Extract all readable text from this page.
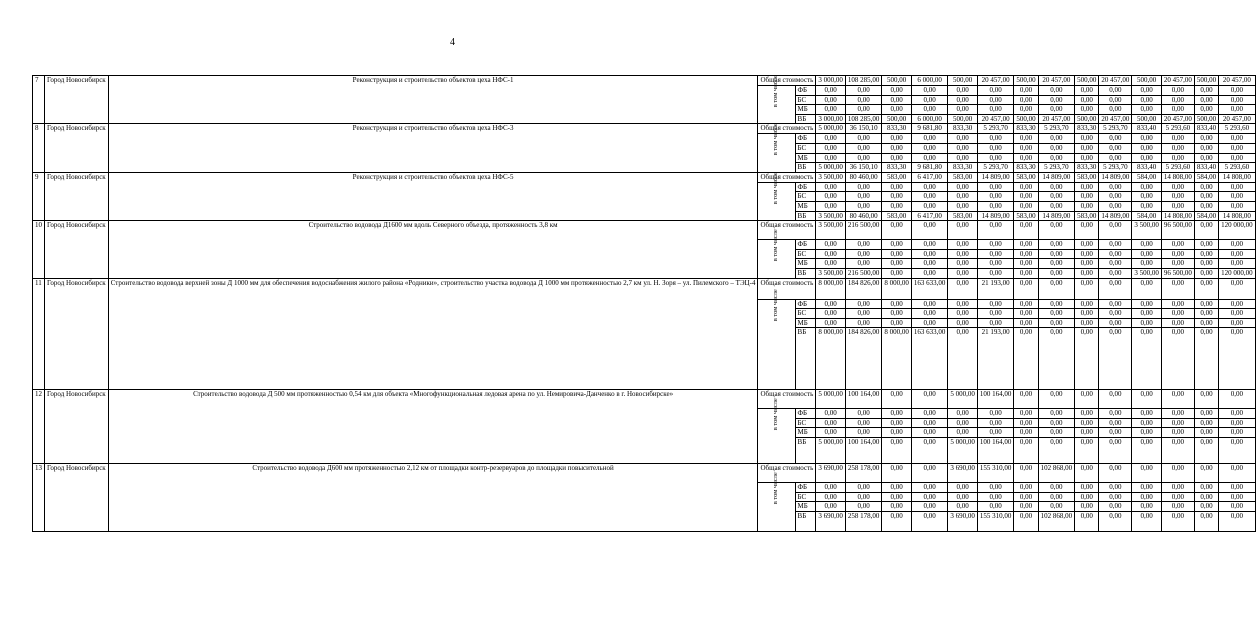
4
7	Город Новосибирск	Реконструкция и строительство объектов цеха НФС-1	Общая стоимость		3 000,00	108 285,00	500,00	6 000,00	500,00	20 457,00	500,00	20 457,00	500,00	20 457,00	500,00	20 457,00	500,00	20 457,00
			в том числе	ФБ	0,00	0,00	0,00	0,00	0,00	0,00	0,00	0,00	0,00	0,00	0,00	0,00	0,00	0,00
				БС	0,00	0,00	0,00	0,00	0,00	0,00	0,00	0,00	0,00	0,00	0,00	0,00	0,00	0,00
				МБ	0,00	0,00	0,00	0,00	0,00	0,00	0,00	0,00	0,00	0,00	0,00	0,00	0,00	0,00
				ВБ	3 000,00	108 285,00	500,00	6 000,00	500,00	20 457,00	500,00	20 457,00	500,00	20 457,00	500,00	20 457,00	500,00	20 457,00
8	Город Новосибирск	Реконструкция и строительство объектов цеха НФС-3	Общая стоимость		5 000,00	36 150,10	833,30	9 681,80	833,30	5 293,70	833,30	5 293,70	833,30	5 293,70	833,40	5 293,60	833,40	5 293,60
			в том числе	ФБ	0,00	0,00	0,00	0,00	0,00	0,00	0,00	0,00	0,00	0,00	0,00	0,00	0,00	0,00
				БС	0,00	0,00	0,00	0,00	0,00	0,00	0,00	0,00	0,00	0,00	0,00	0,00	0,00	0,00
				МБ	0,00	0,00	0,00	0,00	0,00	0,00	0,00	0,00	0,00	0,00	0,00	0,00	0,00	0,00
				ВБ	5 000,00	36 150,10	833,30	9 681,80	833,30	5 293,70	833,30	5 293,70	833,30	5 293,70	833,40	5 293,60	833,40	5 293,60
9	Город Новосибирск	Реконструкция и строительство объектов цеха НФС-5	Общая стоимость		3 500,00	80 460,00	583,00	6 417,00	583,00	14 809,00	583,00	14 809,00	583,00	14 809,00	584,00	14 808,00	584,00	14 808,00
			в том числе	ФБ	0,00	0,00	0,00	0,00	0,00	0,00	0,00	0,00	0,00	0,00	0,00	0,00	0,00	0,00
				БС	0,00	0,00	0,00	0,00	0,00	0,00	0,00	0,00	0,00	0,00	0,00	0,00	0,00	0,00
				МБ	0,00	0,00	0,00	0,00	0,00	0,00	0,00	0,00	0,00	0,00	0,00	0,00	0,00	0,00
				ВБ	3 500,00	80 460,00	583,00	6 417,00	583,00	14 809,00	583,00	14 809,00	583,00	14 809,00	584,00	14 808,00	584,00	14 808,00
10	Город Новосибирск	Строительство водовода Д1600 мм вдоль Северного объезда, протяженность 3,8 км	Общая стоимость		3 500,00	216 500,00	0,00	0,00	0,00	0,00	0,00	0,00	0,00	0,00	3 500,00	96 500,00	0,00	120 000,00
			в том числе	ФБ	0,00	0,00	0,00	0,00	0,00	0,00	0,00	0,00	0,00	0,00	0,00	0,00	0,00	0,00
				БС	0,00	0,00	0,00	0,00	0,00	0,00	0,00	0,00	0,00	0,00	0,00	0,00	0,00	0,00
				МБ	0,00	0,00	0,00	0,00	0,00	0,00	0,00	0,00	0,00	0,00	0,00	0,00	0,00	0,00
				ВБ	3 500,00	216 500,00	0,00	0,00	0,00	0,00	0,00	0,00	0,00	0,00	3 500,00	96 500,00	0,00	120 000,00
11	Город Новосибирск	Строительство водовода верхней зоны Д 1000 мм для обеспечения водоснабжения жилого района «Родники», строительство участка водовода Д 1000 мм протяженностью 2,7 км ул. Н. Зоря – ул. Пилемского – ТЭЦ-4	Общая стоимость		8 000,00	184 826,00	8 000,00	163 633,00	0,00	21 193,00	0,00	0,00	0,00	0,00	0,00	0,00	0,00	0,00
			в том числе	ФБ	0,00	0,00	0,00	0,00	0,00	0,00	0,00	0,00	0,00	0,00	0,00	0,00	0,00	0,00
				БС	0,00	0,00	0,00	0,00	0,00	0,00	0,00	0,00	0,00	0,00	0,00	0,00	0,00	0,00
				МБ	0,00	0,00	0,00	0,00	0,00	0,00	0,00	0,00	0,00	0,00	0,00	0,00	0,00	0,00
				ВБ	8 000,00	184 826,00	8 000,00	163 633,00	0,00	21 193,00	0,00	0,00	0,00	0,00	0,00	0,00	0,00	0,00
12	Город Новосибирск	Строительство водовода Д 500 мм протяженностью 0,54 км для объекта «Многофункциональная ледовая арена по ул. Немировича-Данченко в г. Новосибирске»	Общая стоимость		5 000,00	100 164,00	0,00	0,00	5 000,00	100 164,00	0,00	0,00	0,00	0,00	0,00	0,00	0,00	0,00
			в том числе	ФБ	0,00	0,00	0,00	0,00	0,00	0,00	0,00	0,00	0,00	0,00	0,00	0,00	0,00	0,00
				БС	0,00	0,00	0,00	0,00	0,00	0,00	0,00	0,00	0,00	0,00	0,00	0,00	0,00	0,00
				МБ	0,00	0,00	0,00	0,00	0,00	0,00	0,00	0,00	0,00	0,00	0,00	0,00	0,00	0,00
				ВБ	5 000,00	100 164,00	0,00	0,00	5 000,00	100 164,00	0,00	0,00	0,00	0,00	0,00	0,00	0,00	0,00
13	Город Новосибирск	Строительство водовода Д600 мм протяженностью 2,12 км от площадки контр-резервуаров до площадки повысительной	Общая стоимость		3 690,00	258 178,00	0,00	0,00	3 690,00	155 310,00	0,00	102 868,00	0,00	0,00	0,00	0,00	0,00	0,00
			в том числе	ФБ	0,00	0,00	0,00	0,00	0,00	0,00	0,00	0,00	0,00	0,00	0,00	0,00	0,00	0,00
				БС	0,00	0,00	0,00	0,00	0,00	0,00	0,00	0,00	0,00	0,00	0,00	0,00	0,00	0,00
				МБ	0,00	0,00	0,00	0,00	0,00	0,00	0,00	0,00	0,00	0,00	0,00	0,00	0,00	0,00
				ВБ	3 690,00	258 178,00	0,00	0,00	3 690,00	155 310,00	0,00	102 868,00	0,00	0,00	0,00	0,00	0,00	0,00
